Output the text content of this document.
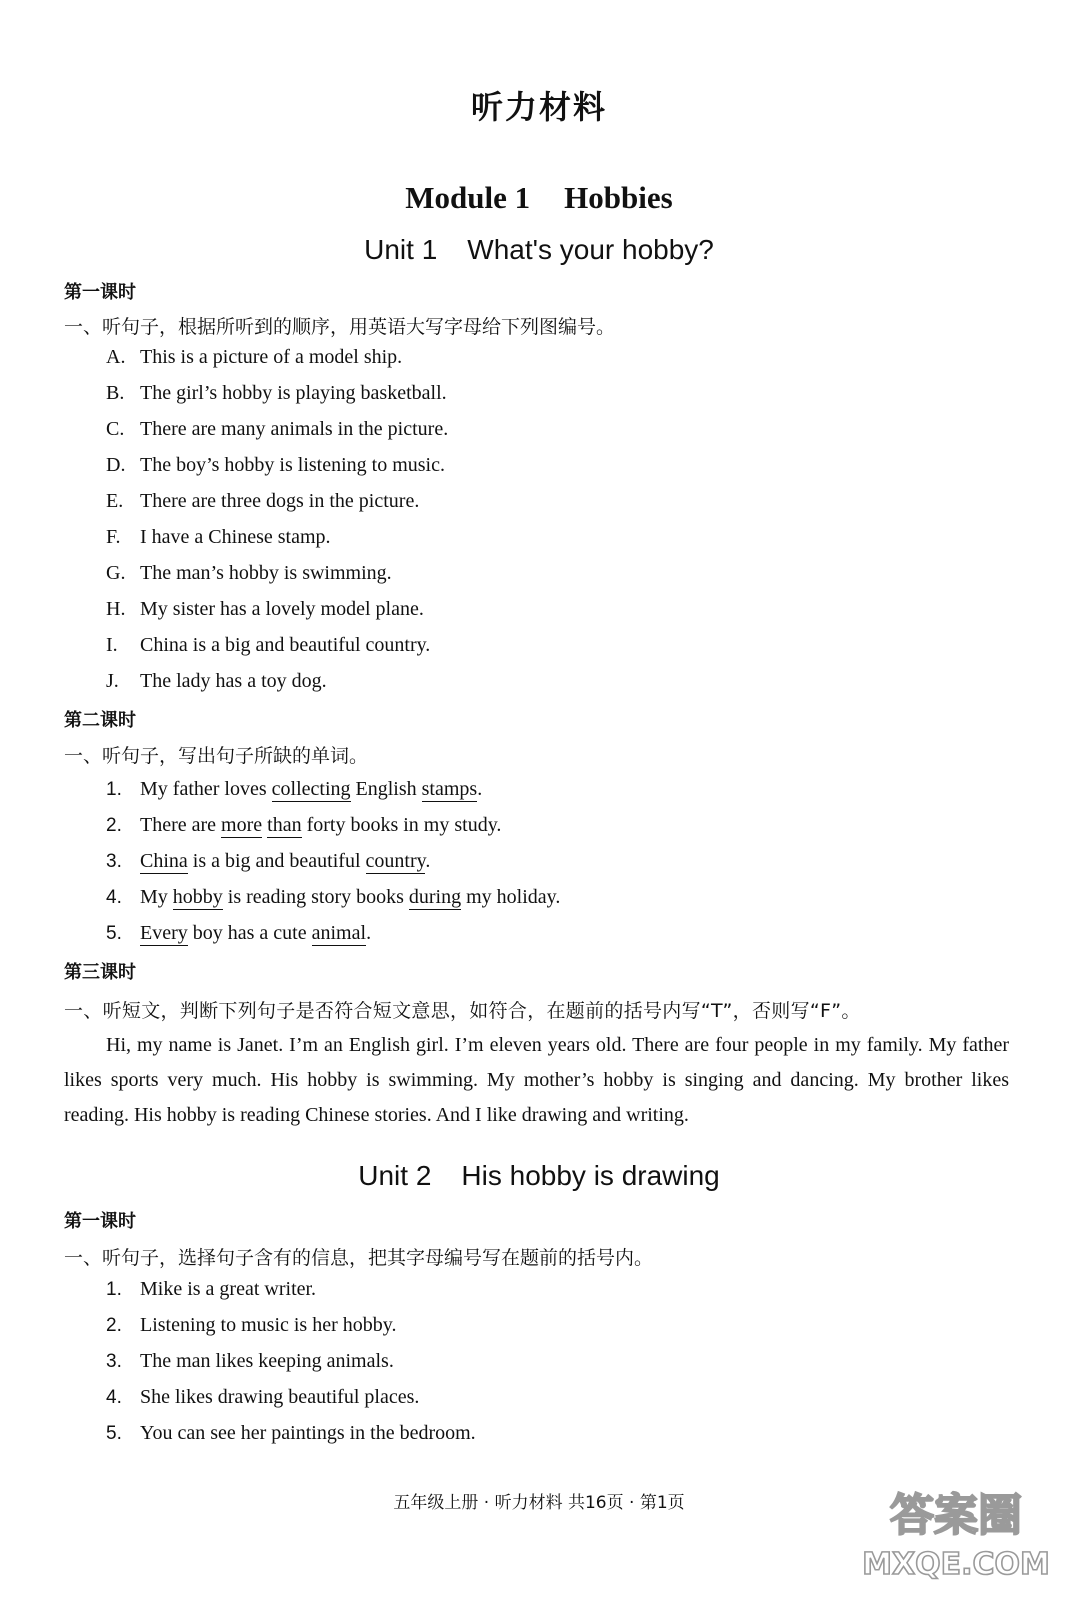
听力材料
Module 1 Hobbies
Unit 1 What's your hobby?
第一课时
一、听句子，根据所听到的顺序，用英语大写字母给下列图编号。
A. This is a picture of a model ship.
B. The girl’s hobby is playing basketball.
C. There are many animals in the picture.
D. The boy’s hobby is listening to music.
E. There are three dogs in the picture.
F. I have a Chinese stamp.
G. The man’s hobby is swimming.
H. My sister has a lovely model plane.
I. China is a big and beautiful country.
J. The lady has a toy dog.
第二课时
一、听句子，写出句子所缺的单词。
1. My father loves collecting English stamps.
2. There are more than forty books in my study.
3. China is a big and beautiful country.
4. My hobby is reading story books during my holiday.
5. Every boy has a cute animal.
第三课时
一、听短文，判断下列句子是否符合短文意思，如符合，在题前的括号内写“T”，否则写“F”。
Hi, my name is Janet. I’m an English girl. I’m eleven years old. There are four people in my family. My father likes sports very much. His hobby is swimming. My mother’s hobby is singing and dancing. My brother likes reading. His hobby is reading Chinese stories. And I like drawing and writing.
Unit 2 His hobby is drawing
第一课时
一、听句子，选择句子含有的信息，把其字母编号写在题前的括号内。
1. Mike is a great writer.
2. Listening to music is her hobby.
3. The man likes keeping animals.
4. She likes drawing beautiful places.
5. You can see her paintings in the bedroom.
五年级上册 · 听力材料 共16页 · 第1页	答案圈
MXQE.COM
